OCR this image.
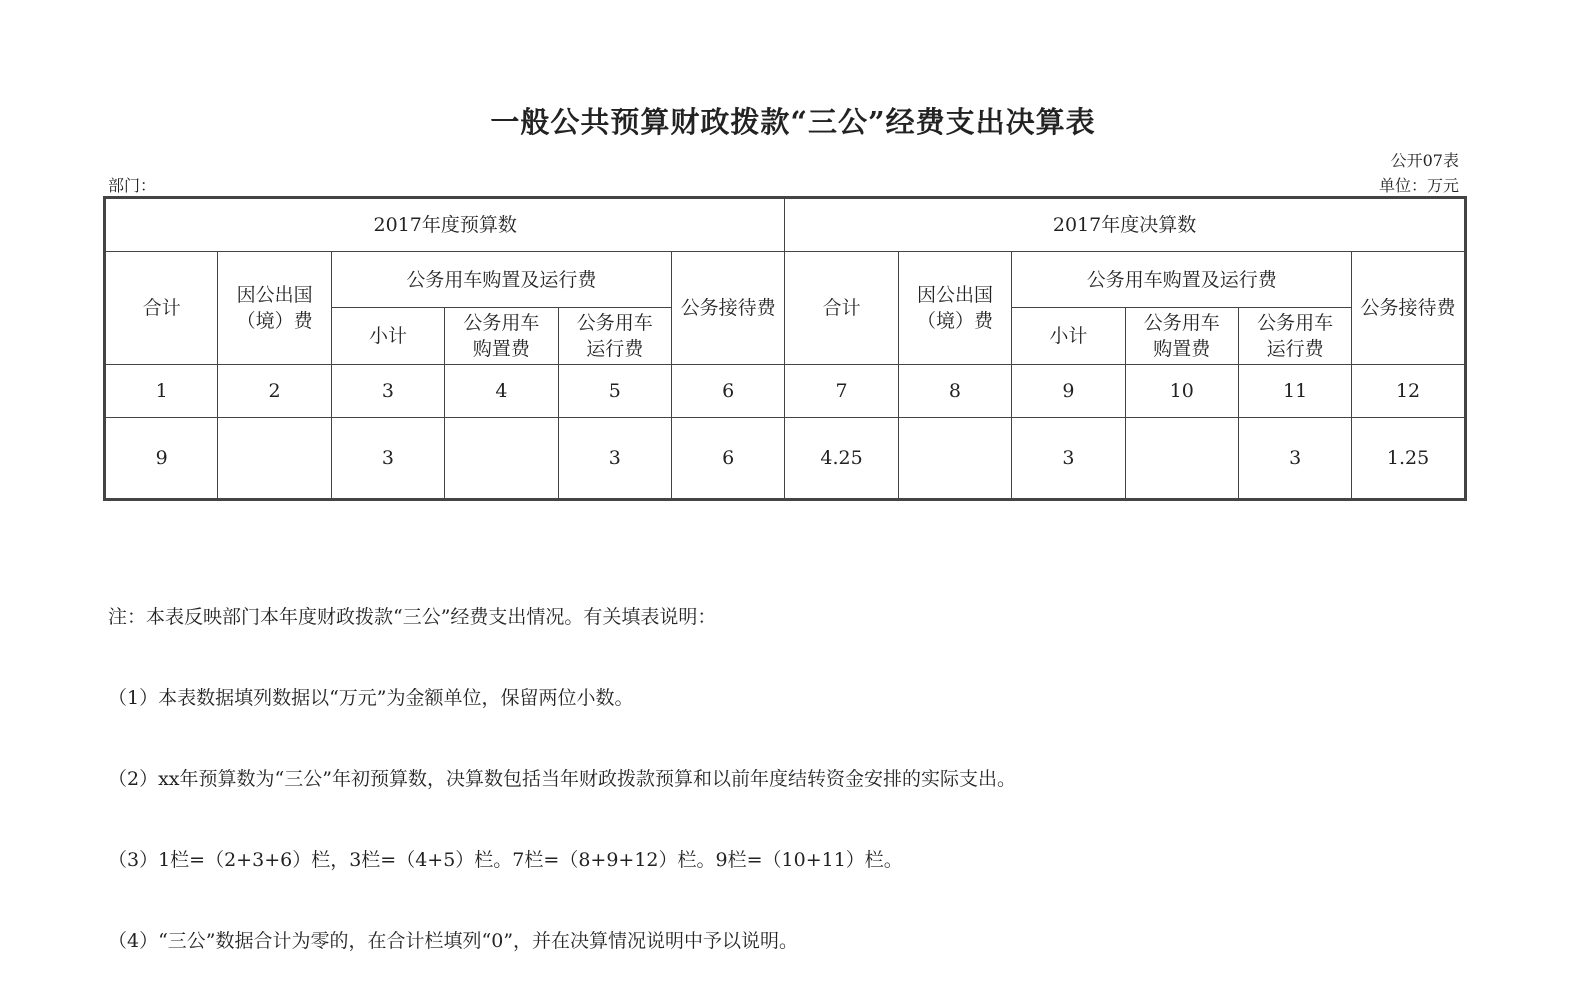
一般公共预算财政拨款“三公”经费支出决算表
公开07表
部门：	单位：万元
2017年度预算数						2017年度决算数					
合计	因公出国（境）费	公务用车购置及运行费			公务接待费	合计	因公出国（境）费	公务用车购置及运行费			公务接待费
		小计	公务用车购置费	公务用车运行费				小计	公务用车购置费	公务用车运行费	

1	2	3	4	5	6	7	8	9	10	11	12
9		3		3	6	4.25		3		3	1.25

注：本表反映部门本年度财政拨款“三公”经费支出情况。有关填表说明：

（1）本表数据填列数据以“万元”为金额单位，保留两位小数。

（2）xx年预算数为“三公”年初预算数，决算数包括当年财政拨款预算和以前年度结转资金安排的实际支出。

（3）1栏=（2+3+6）栏，3栏=（4+5）栏。7栏=（8+9+12）栏。9栏=（10+11）栏。

（4）“三公”数据合计为零的，在合计栏填列“0”，并在决算情况说明中予以说明。
